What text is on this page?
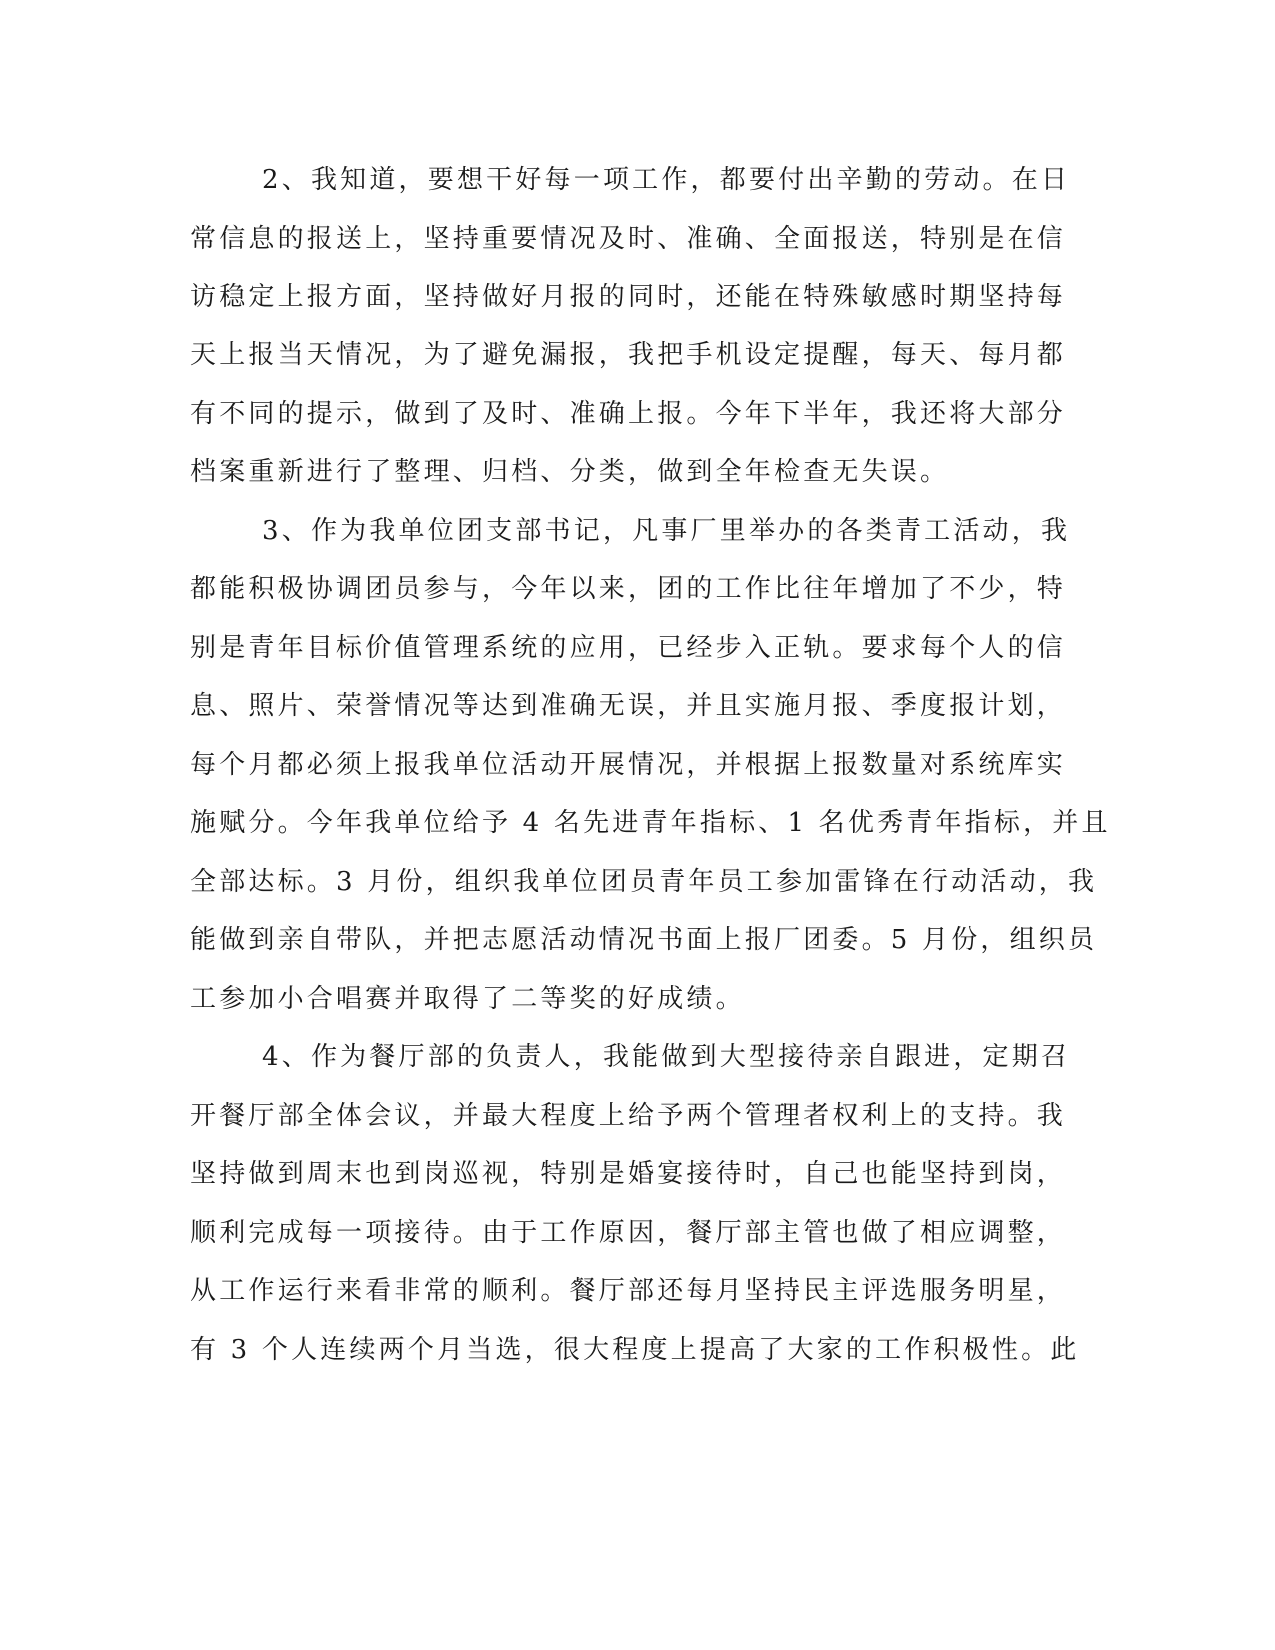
2、我知道，要想干好每一项工作，都要付出辛勤的劳动。在日
常信息的报送上，坚持重要情况及时、准确、全面报送，特别是在信
访稳定上报方面，坚持做好月报的同时，还能在特殊敏感时期坚持每
天上报当天情况，为了避免漏报，我把手机设定提醒，每天、每月都
有不同的提示，做到了及时、准确上报。今年下半年，我还将大部分
档案重新进行了整理、归档、分类，做到全年检查无失误。
3、作为我单位团支部书记，凡事厂里举办的各类青工活动，我
都能积极协调团员参与，今年以来，团的工作比往年增加了不少，特
别是青年目标价值管理系统的应用，已经步入正轨。要求每个人的信
息、照片、荣誉情况等达到准确无误，并且实施月报、季度报计划，
每个月都必须上报我单位活动开展情况，并根据上报数量对系统库实
施赋分。今年我单位给予 4 名先进青年指标、1 名优秀青年指标，并且
全部达标。3 月份，组织我单位团员青年员工参加雷锋在行动活动，我
能做到亲自带队，并把志愿活动情况书面上报厂团委。5 月份，组织员
工参加小合唱赛并取得了二等奖的好成绩。
4、作为餐厅部的负责人，我能做到大型接待亲自跟进，定期召
开餐厅部全体会议，并最大程度上给予两个管理者权利上的支持。我
坚持做到周末也到岗巡视，特别是婚宴接待时，自己也能坚持到岗，
顺利完成每一项接待。由于工作原因，餐厅部主管也做了相应调整，
从工作运行来看非常的顺利。餐厅部还每月坚持民主评选服务明星，
有 3 个人连续两个月当选，很大程度上提高了大家的工作积极性。此
